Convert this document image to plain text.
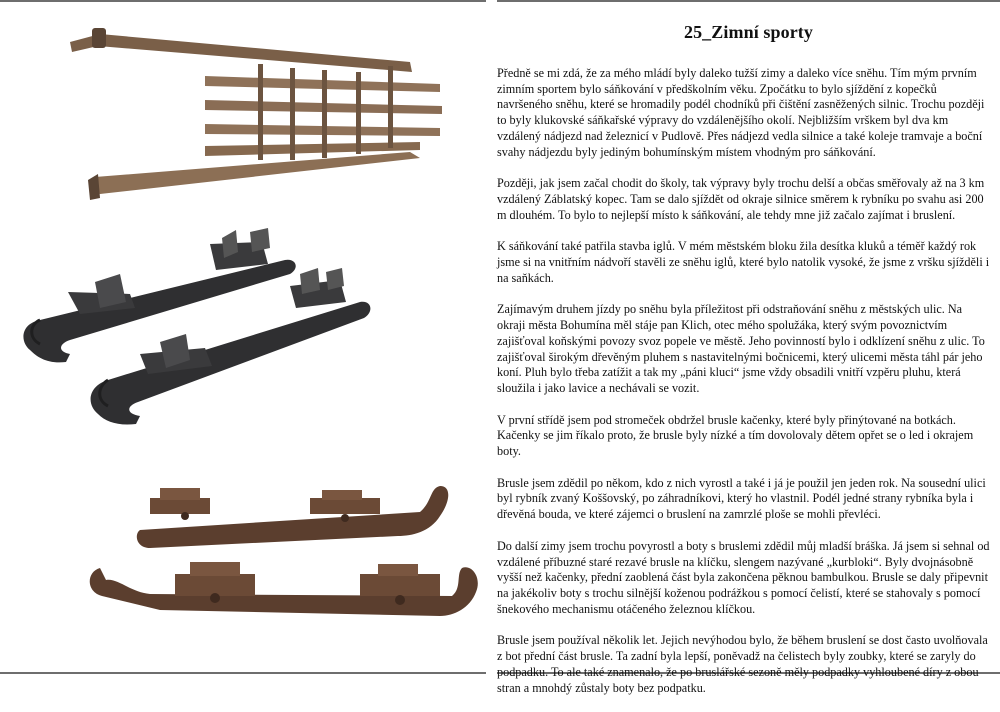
25_Zimní sporty

Předně se mi zdá, že za mého mládí byly daleko tužší zimy a daleko více sněhu. Tím mým prvním zimním sportem bylo sáňkování v předškolním věku. Zpočátku to bylo sjíždění z kopečků navršeného sněhu, které se hromadily podél chodníků při čištění zasněžených silnic. Trochu později to byly klukovské sáňkařské výpravy do vzdálenějšího okolí. Nejbližším vrškem byl dva km vzdálený nádjezd nad železnicí v Pudlově. Přes nádjezd vedla silnice a také koleje tramvaje a boční svahy nádjezdu byly jediným bohumínským místem vhodným pro sáňkování.

Později, jak jsem začal chodit do školy, tak výpravy byly trochu delší a občas směřovaly až na 3 km vzdálený Záblatský kopec. Tam se dalo sjíždět od okraje silnice směrem k rybníku po svahu asi 200 m dlouhém. To bylo to nejlepší místo k sáňkování, ale tehdy mne již začalo zajímat i bruslení.

K sáňkování také patřila stavba iglů. V mém městském bloku žila desítka kluků a téměř každý rok jsme si na vnitřním nádvoří stavěli ze sněhu iglů, které bylo natolik vysoké, že jsme z vršku sjížděli i na saňkách.

Zajímavým druhem jízdy po sněhu byla příležitost při odstraňování sněhu z městských ulic. Na okraji města Bohumína měl stáje pan Klich, otec mého spolužáka, který svým povoznictvím zajišťoval koňskými povozy svoz popele ve městě. Jeho povinností bylo i odklízení sněhu z ulic. To zajišťoval širokým dřevěným pluhem s nastavitelnými bočnicemi, který ulicemi města táhl pár jeho koní. Pluh bylo třeba zatížit a tak my „páni kluci“ jsme vždy obsadili vnitří vzpěru pluhu, která sloužila i jako lavice a nechávali se vozit.

V první střídě jsem pod stromeček obdržel brusle kačenky, které byly přinýtované na botkách. Kačenky se jim říkalo proto, že brusle byly nízké a tím dovolovaly dětem opřet se o led i okrajem boty.

Brusle jsem zdědil po někom, kdo z nich vyrostl a také i já je použil jen jeden rok. Na sousední ulici byl rybník zvaný Koššovský, po záhradníkovi, který ho vlastnil. Podél jedné strany rybníka byla i dřevěná bouda, ve které zájemci o bruslení na zamrzlé ploše se mohli převléci.

Do další zimy jsem trochu povyrostl a boty s bruslemi zdědil můj mladší bráška. Já jsem si sehnal od vzdálené příbuzné staré rezavé brusle na klíčku, slengem nazývané „kurbloki“. Byly dvojnásobně vyšší než kačenky, přední zaoblená část byla zakončena pěknou bambulkou. Brusle se daly připevnit na jakékoliv boty s trochu silnější koženou podrážkou s pomocí čelistí, které se stahovaly s pomocí šnekového mechanismu otáčeného železnou klíčkou.

Brusle jsem používal několik let. Jejich nevýhodou bylo, že během bruslení se dost často uvolňovala z bot přední část brusle. Ta zadní byla lepší, poněvadž na čelistech byly zoubky, které se zaryly do podpadku. To ale také znamenalo, že po bruslářské sezoně měly podpadky vyhloubené díry z obou stran a mnohdý zůstaly boty bez podpatku.
